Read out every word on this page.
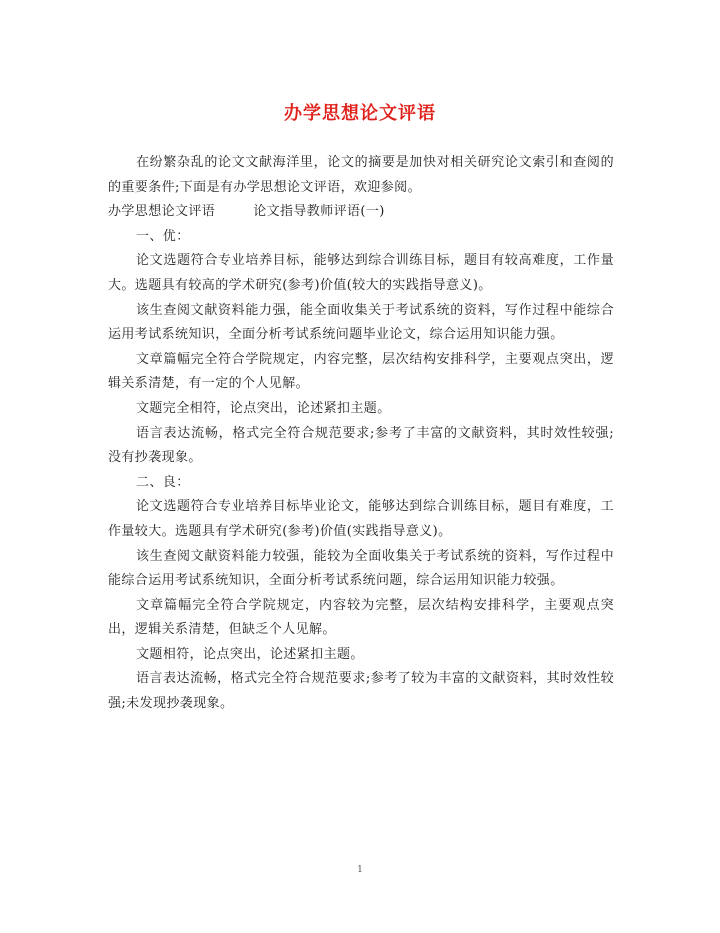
办学思想论文评语

在纷繁杂乱的论文文献海洋里，论文的摘要是加快对相关研究论文索引和查阅的的重要条件;下面是有办学思想论文评语，欢迎参阅。

办学思想论文评语	论文指导教师评语(一)

一、优：

论文选题符合专业培养目标，能够达到综合训练目标，题目有较高难度，工作量大。选题具有较高的学术研究(参考)价值(较大的实践指导意义)。

该生查阅文献资料能力强，能全面收集关于考试系统的资料，写作过程中能综合运用考试系统知识，全面分析考试系统问题毕业论文，综合运用知识能力强。

文章篇幅完全符合学院规定，内容完整，层次结构安排科学，主要观点突出，逻辑关系清楚，有一定的个人见解。

文题完全相符，论点突出，论述紧扣主题。

语言表达流畅，格式完全符合规范要求;参考了丰富的文献资料，其时效性较强;没有抄袭现象。

二、良：

论文选题符合专业培养目标毕业论文，能够达到综合训练目标，题目有难度，工作量较大。选题具有学术研究(参考)价值(实践指导意义)。

该生查阅文献资料能力较强，能较为全面收集关于考试系统的资料，写作过程中能综合运用考试系统知识，全面分析考试系统问题，综合运用知识能力较强。

文章篇幅完全符合学院规定，内容较为完整，层次结构安排科学，主要观点突出，逻辑关系清楚，但缺乏个人见解。

文题相符，论点突出，论述紧扣主题。

语言表达流畅，格式完全符合规范要求;参考了较为丰富的文献资料，其时效性较强;未发现抄袭现象。

1
